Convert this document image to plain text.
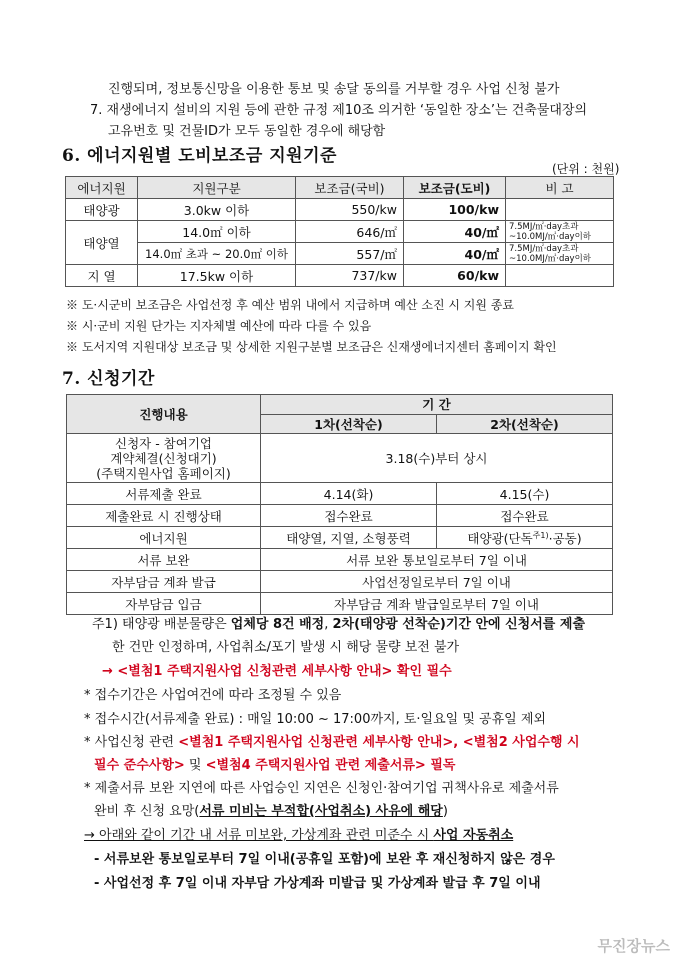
진행되며, 정보통신망을 이용한 통보 및 송달 동의를 거부할 경우 사업 신청 불가
7. 재생에너지 설비의 지원 등에 관한 규정 제10조 의거한 ‘동일한 장소’는 건축물대장의
고유번호 및 건물ID가 모두 동일한 경우에 해당함
6. 에너지원별 도비보조금 지원기준
(단위 : 천원)
에너지원	지원구분	보조금(국비)	보조금(도비)	비 고
태양광	3.0kw 이하	550/kw	100/kw	
태양열	14.0㎡ 이하	646/㎡	40/㎡	7.5MJ/㎡·day초과~10.0MJ/㎡·day이하
	14.0㎡ 초과 ~ 20.0㎡ 이하	557/㎡	40/㎡	7.5MJ/㎡·day초과~10.0MJ/㎡·day이하
지 열	17.5kw 이하	737/kw	60/kw	
※ 도·시군비 보조금은 사업선정 후 예산 범위 내에서 지급하며 예산 소진 시 지원 종료
※ 시·군비 지원 단가는 지자체별 예산에 따라 다를 수 있음
※ 도서지역 지원대상 보조금 및 상세한 지원구분별 보조금은 신재생에너지센터 홈페이지 확인
7. 신청기간
진행내용	기 간	
	1차(선착순)	2차(선착순)

신청자 - 참여기업
계약체결(신청대기)
(주택지원사업 홈페이지)	3.18(수)부터 상시	
서류제출 완료	4.14(화)	4.15(수)
제출완료 시 진행상태	접수완료	접수완료
에너지원	태양열, 지열, 소형풍력	태양광(단독$^{주1)}$·공동)
서류 보완	서류 보완 통보일로부터 7일 이내	
자부담금 계좌 발급	사업선정일로부터 7일 이내	
자부담금 입금	자부담금 계좌 발급일로부터 7일 이내	
주1) 태양광 배분물량은 업체당 8건 배정, 2차(태양광 선착순)기간 안에 신청서를 제출
한 건만 인정하며, 사업취소/포기 발생 시 해당 물량 보전 불가
→ <별첨1 주택지원사업 신청관련 세부사항 안내> 확인 필수
* 접수기간은 사업여건에 따라 조정될 수 있음
* 접수시간(서류제출 완료) : 매일 10:00 ~ 17:00까지, 토·일요일 및 공휴일 제외
* 사업신청 관련 <별첨1 주택지원사업 신청관련 세부사항 안내>, <별첨2 사업수행 시
필수 준수사항> 및 <별첨4 주택지원사업 관련 제출서류> 필독
* 제출서류 보완 지연에 따른 사업승인 지연은 신청인·참여기업 귀책사유로 제출서류
완비 후 신청 요망(서류 미비는 부적합(사업취소) 사유에 해당)
→ 아래와 같이 기간 내 서류 미보완, 가상계좌 관련 미준수 시 사업 자동취소
- 서류보완 통보일로부터 7일 이내(공휴일 포함)에 보완 후 재신청하지 않은 경우
- 사업선정 후 7일 이내 자부담 가상계좌 미발급 및 가상계좌 발급 후 7일 이내
무진장뉴스
